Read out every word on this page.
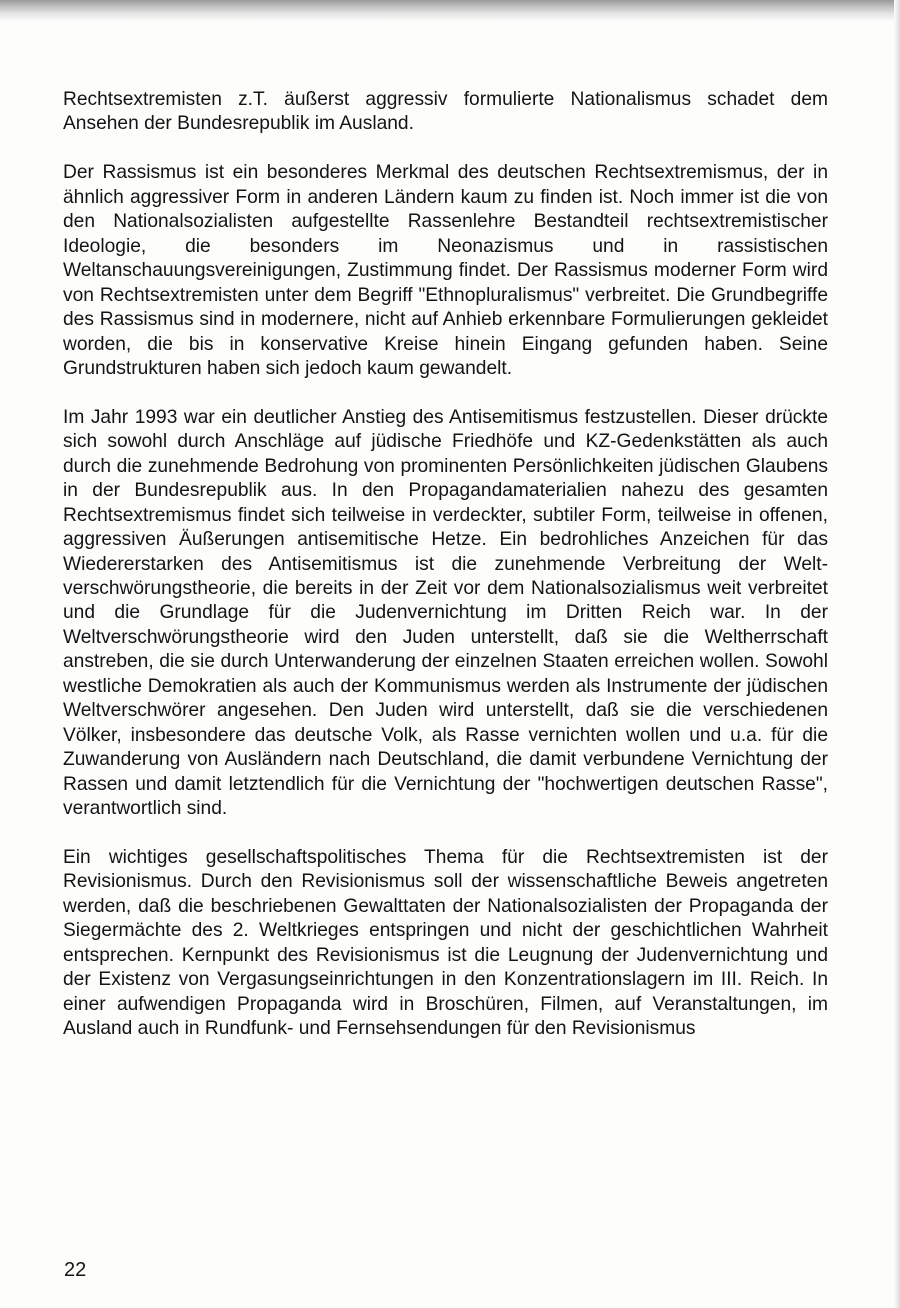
Rechtsextremisten z.T. äußerst aggressiv formulierte Nationalismus schadet dem Ansehen der Bundesrepublik im Ausland.

Der Rassismus ist ein besonderes Merkmal des deutschen Rechtsextremismus, der in ähnlich aggressiver Form in anderen Ländern kaum zu finden ist. Noch immer ist die von den Nationalsozialisten aufgestellte Rassenlehre Bestandteil rechtsextremistischer Ideologie, die besonders im Neonazismus und in rassistischen Weltanschauungsvereinigungen, Zustimmung findet. Der Rassismus moderner Form wird von Rechtsextremisten unter dem Begriff "Ethnopluralismus" verbreitet. Die Grundbegriffe des Rassismus sind in modernere, nicht auf Anhieb erkennbare Formulierungen gekleidet worden, die bis in konservative Kreise hinein Eingang gefunden haben. Seine Grundstrukturen haben sich jedoch kaum gewandelt.

Im Jahr 1993 war ein deutlicher Anstieg des Antisemitismus festzustellen. Dieser drückte sich sowohl durch Anschläge auf jüdische Friedhöfe und KZ-Gedenkstätten als auch durch die zunehmende Bedrohung von prominenten Persönlichkeiten jüdischen Glaubens in der Bundesrepublik aus. In den Propagandamaterialien nahezu des gesamten Rechtsextremismus findet sich teilweise in verdeckter, subtiler Form, teilweise in offenen, aggressiven Äußerungen antisemitische Hetze. Ein bedrohliches Anzeichen für das Wiedererstarken des Antisemitismus ist die zunehmende Verbreitung der Weltverschwörungstheorie, die bereits in der Zeit vor dem Nationalsozialismus weit verbreitet und die Grundlage für die Judenvernichtung im Dritten Reich war. In der Weltverschwörungstheorie wird den Juden unterstellt, daß sie die Weltherrschaft anstreben, die sie durch Unterwanderung der einzelnen Staaten erreichen wollen. Sowohl westliche Demokratien als auch der Kommunismus werden als Instrumente der jüdischen Weltverschwörer angesehen. Den Juden wird unterstellt, daß sie die verschiedenen Völker, insbesondere das deutsche Volk, als Rasse vernichten wollen und u.a. für die Zuwanderung von Ausländern nach Deutschland, die damit verbundene Vernichtung der Rassen und damit letztendlich für die Vernichtung der "hochwertigen deutschen Rasse", verantwortlich sind.

Ein wichtiges gesellschaftspolitisches Thema für die Rechtsextremisten ist der Revisionismus. Durch den Revisionismus soll der wissenschaftliche Beweis angetreten werden, daß die beschriebenen Gewalttaten der Nationalsozialisten der Propaganda der Siegermächte des 2. Weltkrieges entspringen und nicht der geschichtlichen Wahrheit entsprechen. Kernpunkt des Revisionismus ist die Leugnung der Judenvernichtung und der Existenz von Vergasungseinrichtungen in den Konzentrationslagern im III. Reich. In einer aufwendigen Propaganda wird in Broschüren, Filmen, auf Veranstaltungen, im Ausland auch in Rundfunk- und Fernsehsendungen für den Revisionismus

22
